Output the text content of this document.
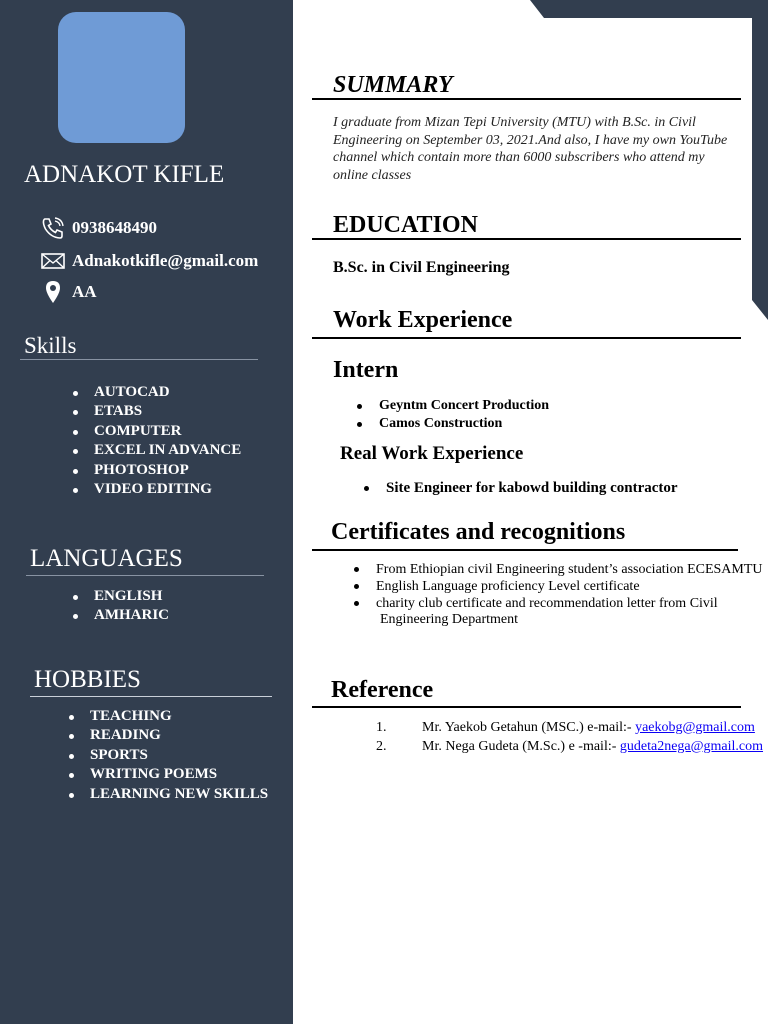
ADNAKOT KIFLE
0938648490
Adnakotkifle@gmail.com
AA
Skills
AUTOCAD
ETABS
COMPUTER
EXCEL IN ADVANCE
PHOTOSHOP
VIDEO EDITING
LANGUAGES
ENGLISH
AMHARIC
HOBBIES
TEACHING
READING
SPORTS
WRITING POEMS
LEARNING NEW SKILLS
SUMMARY
I graduate from Mizan Tepi University (MTU) with B.Sc. in Civil Engineering on September 03, 2021.And also, I have my own YouTube channel which contain more than 6000 subscribers who attend my online classes
EDUCATION
B.Sc. in Civil Engineering
Work Experience
Intern
Geyntm Concert Production
Camos Construction
Real Work Experience
Site Engineer for kabowd building contractor
Certificates and recognitions
From Ethiopian civil Engineering student’s association ECESAMTU
English Language proficiency Level certificate
charity club certificate and recommendation letter from Civil
Engineering Department
Reference
1.	Mr. Yaekob Getahun (MSC.) e-mail:- yaekobg@gmail.com
2.	Mr. Nega Gudeta (M.Sc.) e -mail:- gudeta2nega@gmail.com
